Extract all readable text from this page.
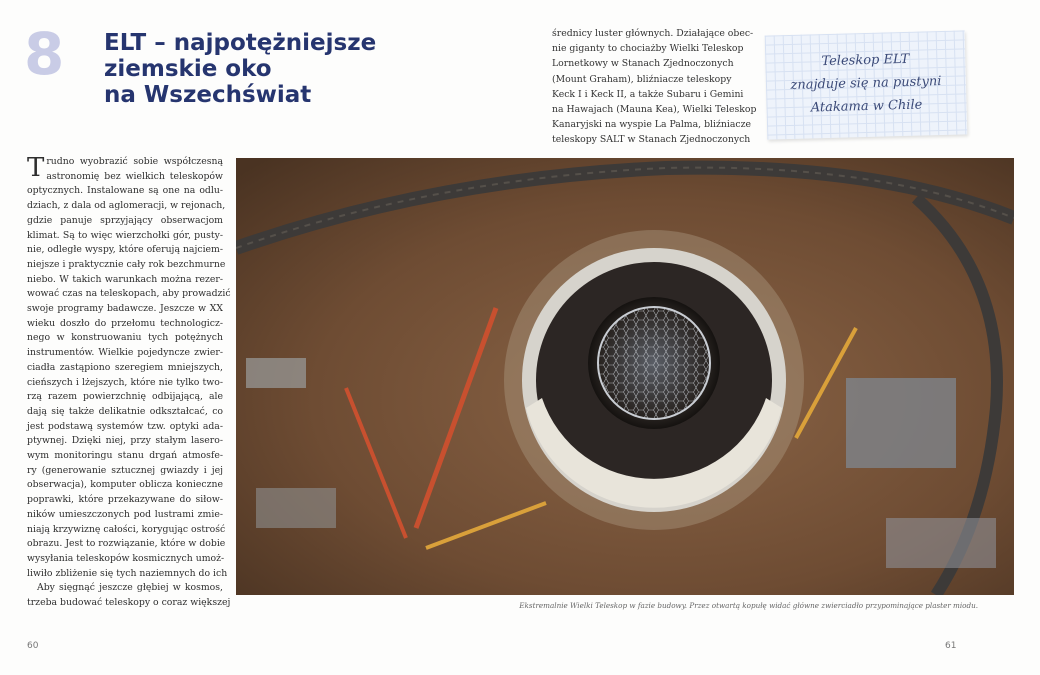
8 ELT – najpotężniejsze
ziemskie oko
na Wszechświat
średnicy luster głównych. Działające obec-
nie giganty to chociażby Wielki Teleskop
Lornetkowy w Stanach Zjednoczonych
(Mount Graham), bliźniacze teleskopy
Keck I i Keck II, a także Subaru i Gemini
na Hawajach (Mauna Kea), Wielki Teleskop
Kanaryjski na wyspie La Palma, bliźniacze
teleskopy SALT w Stanach Zjednoczonych
Teleskop ELT
znajduje się na pustyni
Atakama w Chile
Trudno wyobrazić sobie współczesną
astronomię bez wielkich teleskopów
optycznych. Instalowane są one na odlu-
dziach, z dala od aglomeracji, w rejonach,
gdzie panuje sprzyjający obserwacjom
klimat. Są to więc wierzchołki gór, pusty-
nie, odległe wyspy, które oferują najciem-
niejsze i praktycznie cały rok bezchmurne
niebo. W takich warunkach można rezer-
wować czas na teleskopach, aby prowadzić
swoje programy badawcze. Jeszcze w XX
wieku doszło do przełomu technologicz-
nego w konstruowaniu tych potężnych
instrumentów. Wielkie pojedyncze zwier-
ciadła zastąpiono szeregiem mniejszych,
cieńszych i lżejszych, które nie tylko two-
rzą razem powierzchnię odbijającą, ale
dają się także delikatnie odkształcać, co
jest podstawą systemów tzw. optyki ada-
ptywnej. Dzięki niej, przy stałym lasero-
wym monitoringu stanu drgań atmosfe-
ry (generowanie sztucznej gwiazdy i jej
obserwacja), komputer oblicza konieczne
poprawki, które przekazywane do siłow-
ników umieszczonych pod lustrami zmie-
niają krzywiznę całości, korygując ostrość
obrazu. Jest to rozwiązanie, które w dobie
wysyłania teleskopów kosmicznych umoż-
liwiło zbliżenie się tych naziemnych do ich
Aby sięgnąć jeszcze głębiej w kosmos,
trzeba budować teleskopy o coraz większej	Ekstremalnie Wielki Teleskop w fazie budowy. Przez otwartą kopułę widać główne zwierciadło przypominające plaster miodu.
60	61
